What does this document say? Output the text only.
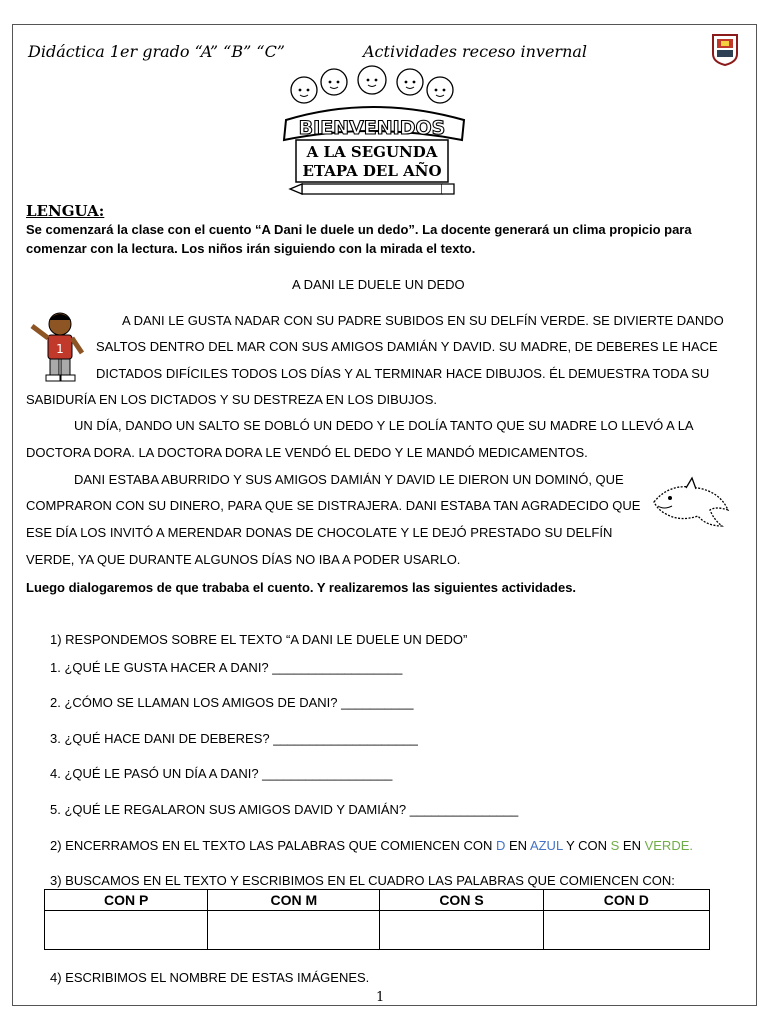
Didáctica 1er grado “A” “B” “C”	Actividades receso invernal
BIENVENIDOS
A LA SEGUNDA
ETAPA DEL AÑO
LENGUA:
Se comenzará la clase con el cuento “A Dani le duele un dedo”. La docente generará un clima propicio para
comenzar con la lectura. Los niños irán siguiendo con la mirada el texto.
A DANI LE DUELE UN DEDO
1
A DANI LE GUSTA NADAR CON SU PADRE SUBIDOS EN SU DELFÍN VERDE. SE DIVIERTE DANDO
SALTOS DENTRO DEL MAR CON SUS AMIGOS DAMIÁN Y DAVID. SU MADRE, DE DEBERES LE HACE
DICTADOS DIFÍCILES TODOS LOS DÍAS Y AL TERMINAR HACE DIBUJOS. ÉL DEMUESTRA TODA SU
SABIDURÍA EN LOS DICTADOS Y SU DESTREZA EN LOS DIBUJOS.
UN DÍA, DANDO UN SALTO SE DOBLÓ UN DEDO Y LE DOLÍA TANTO QUE SU MADRE LO LLEVÓ A LA
DOCTORA DORA. LA DOCTORA DORA LE VENDÓ EL DEDO Y LE MANDÓ MEDICAMENTOS.
DANI ESTABA ABURRIDO Y SUS AMIGOS DAMIÁN Y DAVID LE DIERON UN DOMINÓ, QUE
COMPRARON CON SU DINERO, PARA QUE SE DISTRAJERA. DANI ESTABA TAN AGRADECIDO QUE
ESE DÍA LOS INVITÓ A MERENDAR DONAS DE CHOCOLATE Y LE DEJÓ PRESTADO SU DELFÍN
VERDE, YA QUE DURANTE ALGUNOS DÍAS NO IBA A PODER USARLO.
Luego dialogaremos de que trababa el cuento. Y realizaremos las siguientes actividades.
1) RESPONDEMOS SOBRE EL TEXTO “A DANI LE DUELE UN DEDO”
1. ¿QUÉ LE GUSTA HACER A DANI? __________________
2. ¿CÓMO SE LLAMAN LOS AMIGOS DE DANI? __________
3. ¿QUÉ HACE DANI DE DEBERES? ____________________
4. ¿QUÉ LE PASÓ UN DÍA A DANI? __________________
5. ¿QUÉ LE REGALARON SUS AMIGOS DAVID Y DAMIÁN? _______________
2) ENCERRAMOS EN EL TEXTO LAS PALABRAS QUE COMIENCEN CON D EN AZUL Y CON S EN VERDE.
3) BUSCAMOS EN EL TEXTO Y ESCRIBIMOS EN EL CUADRO LAS PALABRAS QUE COMIENCEN CON:
CON P	CON M	CON S	CON D

4) ESCRIBIMOS EL NOMBRE DE ESTAS IMÁGENES.
1
